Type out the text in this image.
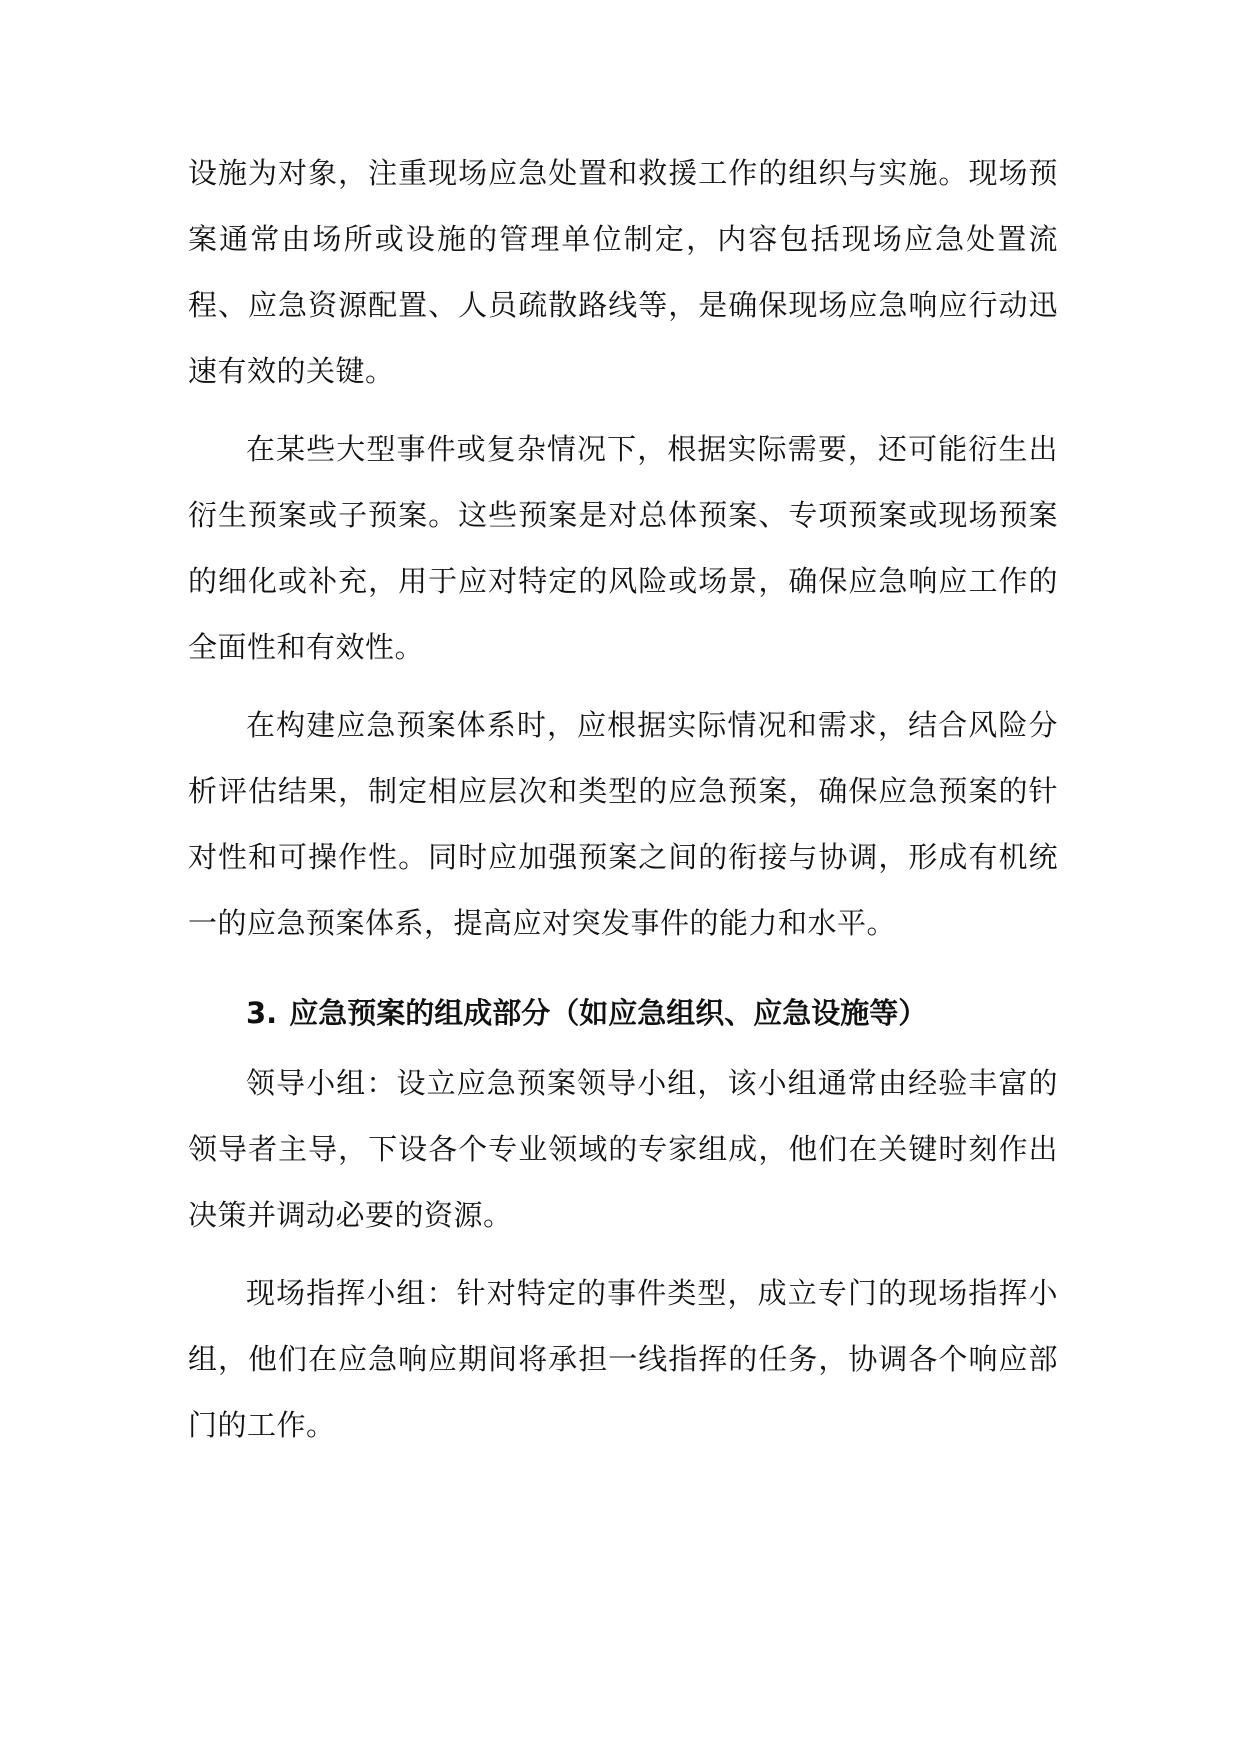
设施为对象，注重现场应急处置和救援工作的组织与实施。现场预案通常由场所或设施的管理单位制定，内容包括现场应急处置流程、应急资源配置、人员疏散路线等，是确保现场应急响应行动迅速有效的关键。

在某些大型事件或复杂情况下，根据实际需要，还可能衍生出衍生预案或子预案。这些预案是对总体预案、专项预案或现场预案的细化或补充，用于应对特定的风险或场景，确保应急响应工作的全面性和有效性。

在构建应急预案体系时，应根据实际情况和需求，结合风险分析评估结果，制定相应层次和类型的应急预案，确保应急预案的针对性和可操作性。同时应加强预案之间的衔接与协调，形成有机统一的应急预案体系，提高应对突发事件的能力和水平。

3. 应急预案的组成部分（如应急组织、应急设施等）

领导小组：设立应急预案领导小组，该小组通常由经验丰富的领导者主导，下设各个专业领域的专家组成，他们在关键时刻作出决策并调动必要的资源。

现场指挥小组：针对特定的事件类型，成立专门的现场指挥小组，他们在应急响应期间将承担一线指挥的任务，协调各个响应部门的工作。
